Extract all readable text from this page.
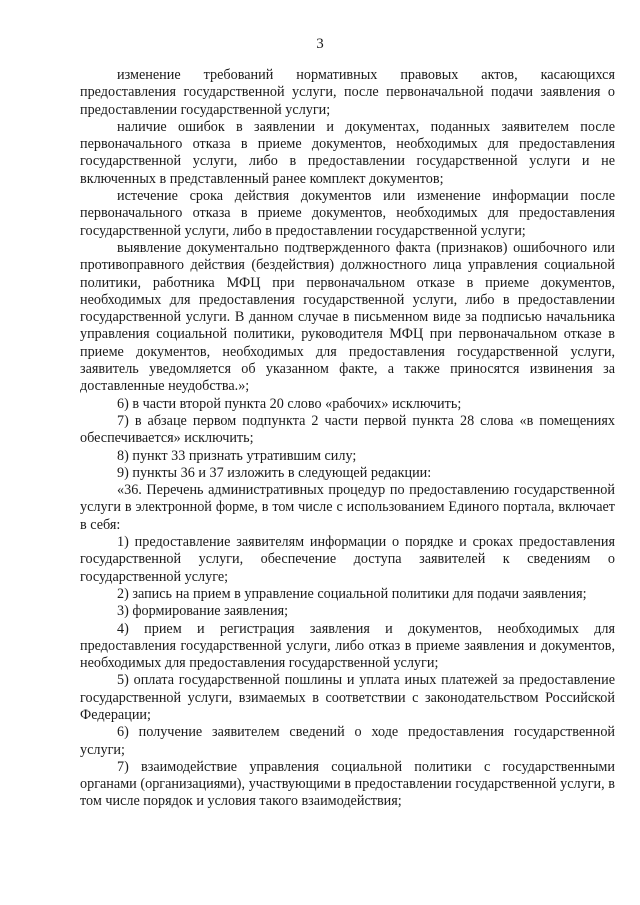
3

изменение требований нормативных правовых актов, касающихся предоставления государственной услуги, после первоначальной подачи заявления о предоставлении государственной услуги;

наличие ошибок в заявлении и документах, поданных заявителем после первоначального отказа в приеме документов, необходимых для предоставления государственной услуги, либо в предоставлении государственной услуги и не включенных в представленный ранее комплект документов;

истечение срока действия документов или изменение информации после первоначального отказа в приеме документов, необходимых для предоставления государственной услуги, либо в предоставлении государственной услуги;

выявление документально подтвержденного факта (признаков) ошибочного или противоправного действия (бездействия) должностного лица управления социальной политики, работника МФЦ при первоначальном отказе в приеме документов, необходимых для предоставления государственной услуги, либо в предоставлении государственной услуги. В данном случае в письменном виде за подписью начальника управления социальной политики, руководителя МФЦ при первоначальном отказе в приеме документов, необходимых для предоставления государственной услуги, заявитель уведомляется об указанном факте, а также приносятся извинения за доставленные неудобства.»;

6) в части второй пункта 20 слово «рабочих» исключить;

7) в абзаце первом подпункта 2 части первой пункта 28 слова «в помещениях обеспечивается» исключить;

8) пункт 33 признать утратившим силу;

9) пункты 36 и 37 изложить в следующей редакции:

«36. Перечень административных процедур по предоставлению государственной услуги в электронной форме, в том числе с использованием Единого портала, включает в себя:

1) предоставление заявителям информации о порядке и сроках предоставления государственной услуги, обеспечение доступа заявителей к сведениям о государственной услуге;

2) запись на прием в управление социальной политики для подачи заявления;

3) формирование заявления;

4) прием и регистрация заявления и документов, необходимых для предоставления государственной услуги, либо отказ в приеме заявления и документов, необходимых для предоставления государственной услуги;

5) оплата государственной пошлины и уплата иных платежей за предоставление государственной услуги, взимаемых в соответствии с законодательством Российской Федерации;

6) получение заявителем сведений о ходе предоставления государственной услуги;

7) взаимодействие управления социальной политики с государственными органами (организациями), участвующими в предоставлении государственной услуги, в том числе порядок и условия такого взаимодействия;
